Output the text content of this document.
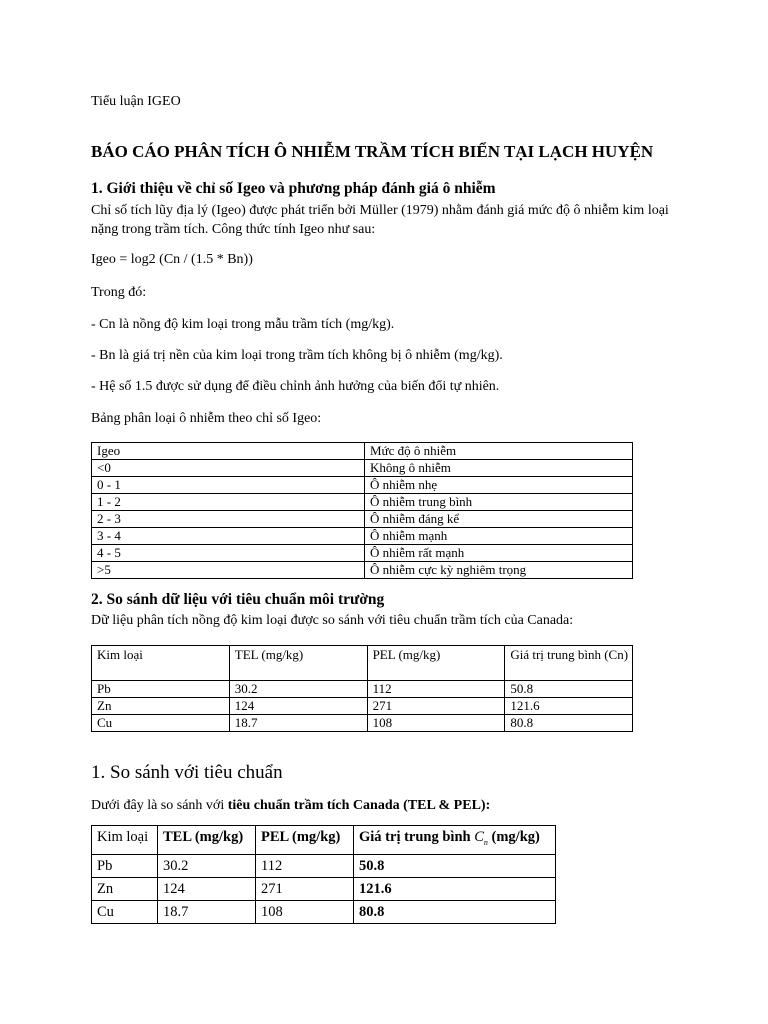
Tiểu luận IGEO
BÁO CÁO PHÂN TÍCH Ô NHIỄM TRẦM TÍCH BIỂN TẠI LẠCH HUYỆN
1. Giới thiệu về chỉ số Igeo và phương pháp đánh giá ô nhiễm
Chỉ số tích lũy địa lý (Igeo) được phát triển bởi Müller (1979) nhằm đánh giá mức độ ô nhiễm kim loại nặng trong trầm tích. Công thức tính Igeo như sau:
Igeo = log2 (Cn / (1.5 * Bn))
Trong đó:
- Cn là nồng độ kim loại trong mẫu trầm tích (mg/kg).
- Bn là giá trị nền của kim loại trong trầm tích không bị ô nhiễm (mg/kg).
- Hệ số 1.5 được sử dụng để điều chỉnh ảnh hưởng của biến đổi tự nhiên.
Bảng phân loại ô nhiễm theo chỉ số Igeo:
Igeo	Mức độ ô nhiễm
<0	Không ô nhiễm
0 - 1	Ô nhiễm nhẹ
1 - 2	Ô nhiễm trung bình
2 - 3	Ô nhiễm đáng kể
3 - 4	Ô nhiễm mạnh
4 - 5	Ô nhiễm rất mạnh
>5	Ô nhiễm cực kỳ nghiêm trọng
2. So sánh dữ liệu với tiêu chuẩn môi trường
Dữ liệu phân tích nồng độ kim loại được so sánh với tiêu chuẩn trầm tích của Canada:
Kim loại	TEL (mg/kg)	PEL (mg/kg)	Giá trị trung bình (Cn)
Pb	30.2	112	50.8
Zn	124	271	121.6
Cu	18.7	108	80.8
1. So sánh với tiêu chuẩn
Dưới đây là so sánh với tiêu chuẩn trầm tích Canada (TEL & PEL):
Kim loại	TEL (mg/kg)	PEL (mg/kg)	Giá trị trung bình $C_n$ (mg/kg)
Pb	30.2	112	50.8
Zn	124	271	121.6
Cu	18.7	108	80.8
